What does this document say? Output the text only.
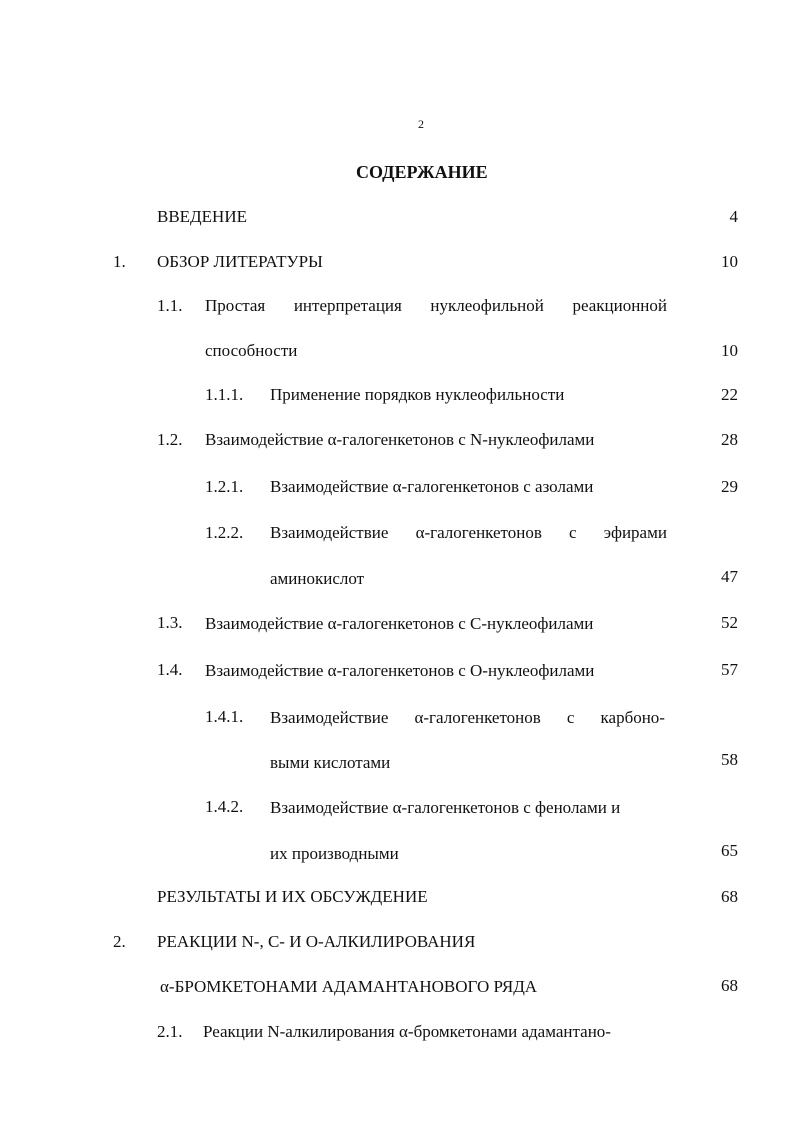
2
СОДЕРЖАНИЕ
ВВЕДЕНИЕ	4
1. ОБЗОР ЛИТЕРАТУРЫ	10
1.1. Простая интерпретация нуклеофильной реакционной
способности	10
1.1.1. Применение порядков нуклеофильности	22
1.2. Взаимодействие α-галогенкетонов с N-нуклеофилами	28
1.2.1. Взаимодействие α-галогенкетонов с азолами	29
1.2.2. Взаимодействие α-галогенкетонов с эфирами
аминокислот	47
1.3. Взаимодействие α-галогенкетонов с С-нуклеофилами	52
1.4. Взаимодействие α-галогенкетонов с О-нуклеофилами	57
1.4.1. Взаимодействие α-галогенкетонов с карбоно-
выми кислотами	58
1.4.2. Взаимодействие α-галогенкетонов с фенолами и
их производными	65
РЕЗУЛЬТАТЫ И ИХ ОБСУЖДЕНИЕ	68
2. РЕАКЦИИ N-, С- И О-АЛКИЛИРОВАНИЯ
α-БРОМКЕТОНАМИ АДАМАНТАНОВОГО РЯДА	68
2.1. Реакции N-алкилирования α-бромкетонами адамантано-
